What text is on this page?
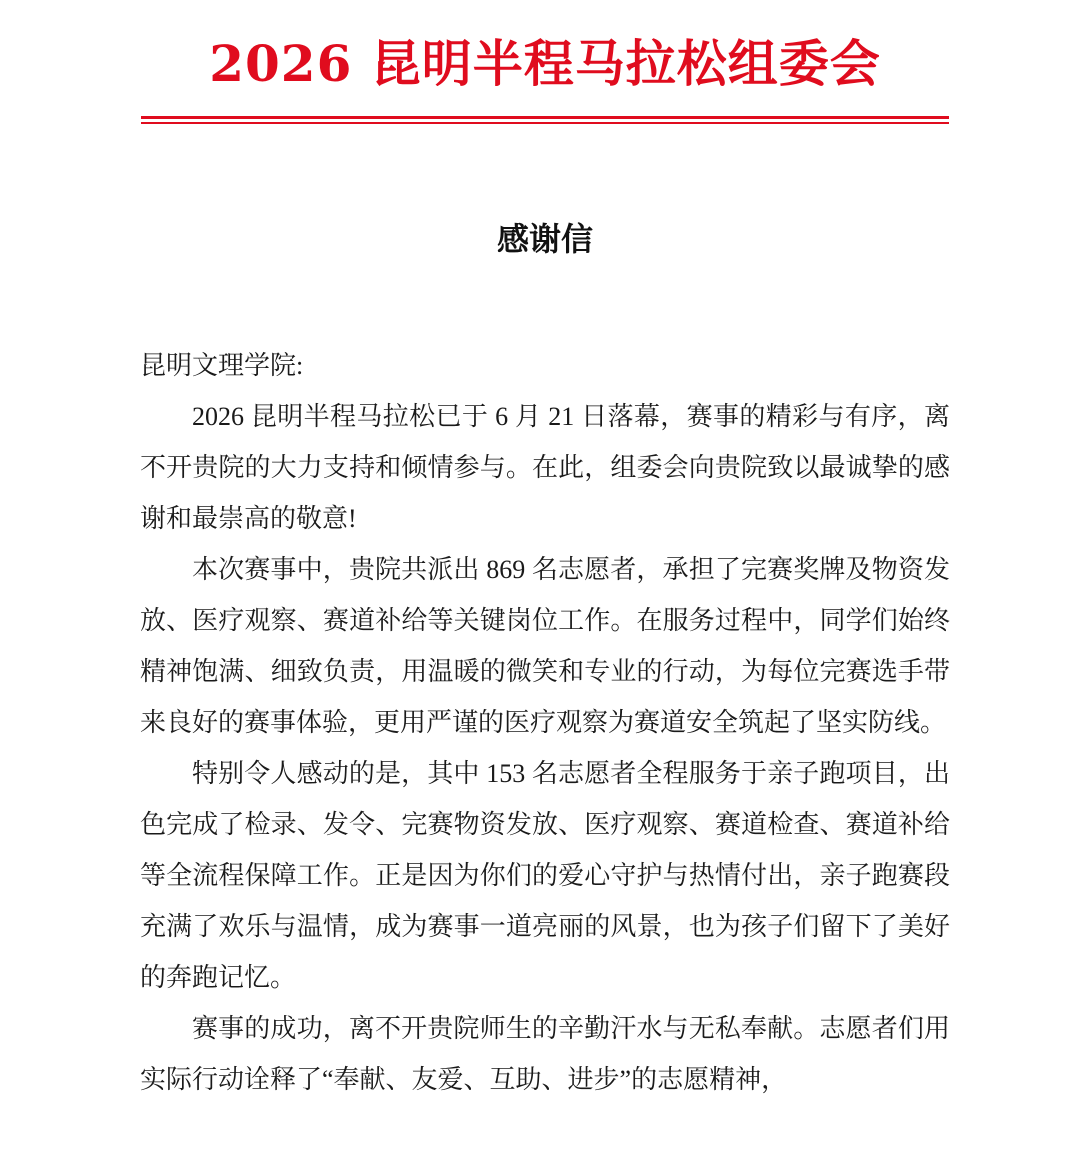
2026 昆明半程马拉松组委会
感谢信

昆明文理学院:

2026 昆明半程马拉松已于 6 月 21 日落幕，赛事的精彩与有序，离不开贵院的大力支持和倾情参与。在此，组委会向贵院致以最诚挚的感谢和最崇高的敬意!

本次赛事中，贵院共派出 869 名志愿者，承担了完赛奖牌及物资发放、医疗观察、赛道补给等关键岗位工作。在服务过程中，同学们始终精神饱满、细致负责，用温暖的微笑和专业的行动，为每位完赛选手带来良好的赛事体验，更用严谨的医疗观察为赛道安全筑起了坚实防线。

特别令人感动的是，其中 153 名志愿者全程服务于亲子跑项目，出色完成了检录、发令、完赛物资发放、医疗观察、赛道检查、赛道补给等全流程保障工作。正是因为你们的爱心守护与热情付出，亲子跑赛段充满了欢乐与温情，成为赛事一道亮丽的风景，也为孩子们留下了美好的奔跑记忆。

赛事的成功，离不开贵院师生的辛勤汗水与无私奉献。志愿者们用实际行动诠释了“奉献、友爱、互助、进步”的志愿精神，
